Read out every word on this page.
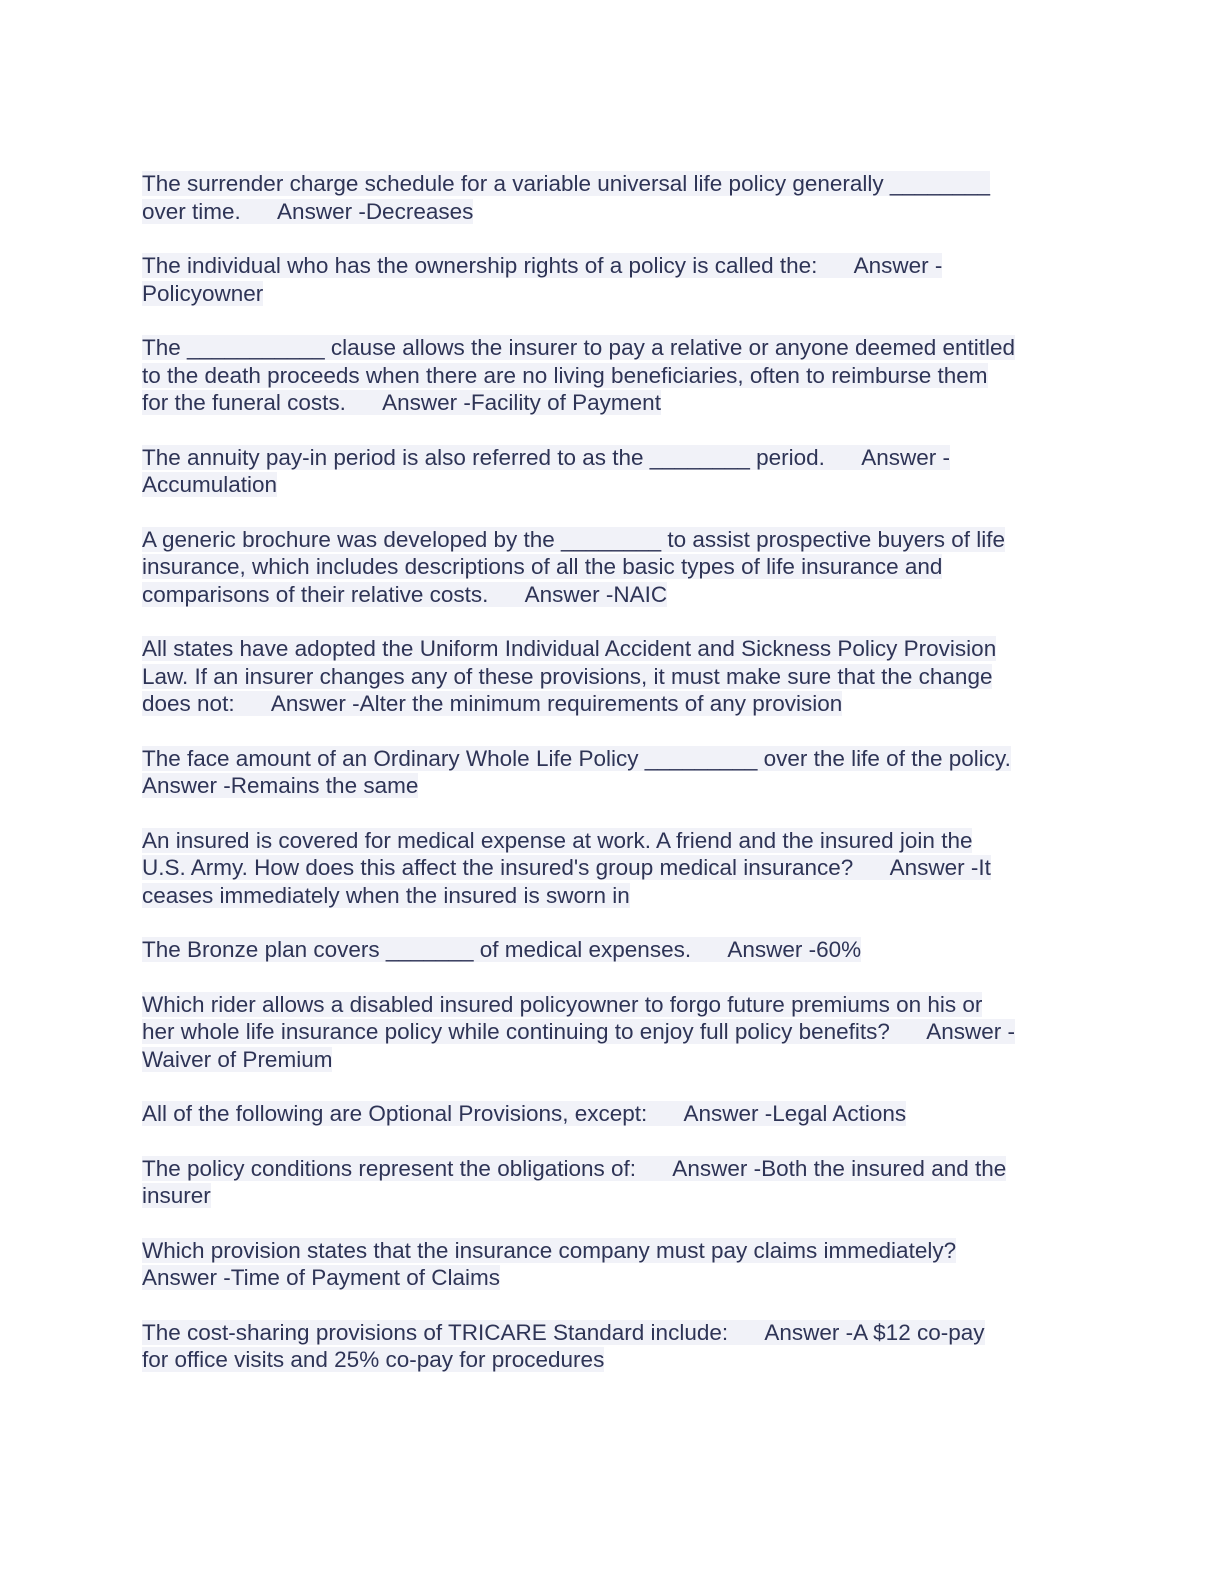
The surrender charge schedule for a variable universal life policy generally ________
over time.      Answer -Decreases

The individual who has the ownership rights of a policy is called the:      Answer -
Policyowner

The ___________ clause allows the insurer to pay a relative or anyone deemed entitled
to the death proceeds when there are no living beneficiaries, often to reimburse them
for the funeral costs.      Answer -Facility of Payment

The annuity pay-in period is also referred to as the ________ period.      Answer -
Accumulation

A generic brochure was developed by the ________ to assist prospective buyers of life
insurance, which includes descriptions of all the basic types of life insurance and
comparisons of their relative costs.      Answer -NAIC

All states have adopted the Uniform Individual Accident and Sickness Policy Provision
Law. If an insurer changes any of these provisions, it must make sure that the change
does not:      Answer -Alter the minimum requirements of any provision

The face amount of an Ordinary Whole Life Policy _________ over the life of the policy.
Answer -Remains the same

An insured is covered for medical expense at work. A friend and the insured join the
U.S. Army. How does this affect the insured's group medical insurance?      Answer -It
ceases immediately when the insured is sworn in

The Bronze plan covers _______ of medical expenses.      Answer -60%

Which rider allows a disabled insured policyowner to forgo future premiums on his or
her whole life insurance policy while continuing to enjoy full policy benefits?      Answer -
Waiver of Premium

All of the following are Optional Provisions, except:      Answer -Legal Actions

The policy conditions represent the obligations of:      Answer -Both the insured and the
insurer

Which provision states that the insurance company must pay claims immediately?
Answer -Time of Payment of Claims

The cost-sharing provisions of TRICARE Standard include:      Answer -A $12 co-pay
for office visits and 25% co-pay for procedures
